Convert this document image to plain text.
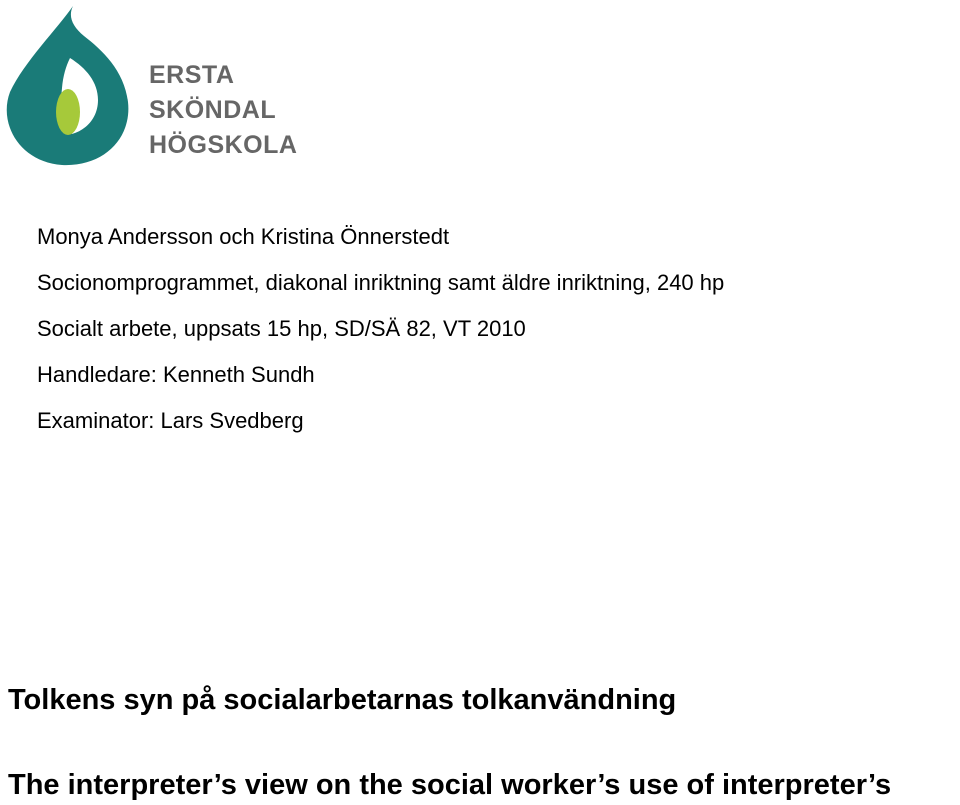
ERSTA
SKÖNDAL
HÖGSKOLA
Monya Andersson och Kristina Önnerstedt
Socionomprogrammet, diakonal inriktning samt äldre inriktning, 240 hp
Socialt arbete, uppsats 15 hp, SD/SÄ 82, VT 2010
Handledare: Kenneth Sundh
Examinator: Lars Svedberg
Tolkens syn på socialarbetarnas tolkanvändning
The interpreter’s view on the social worker’s use of interpreter’s
